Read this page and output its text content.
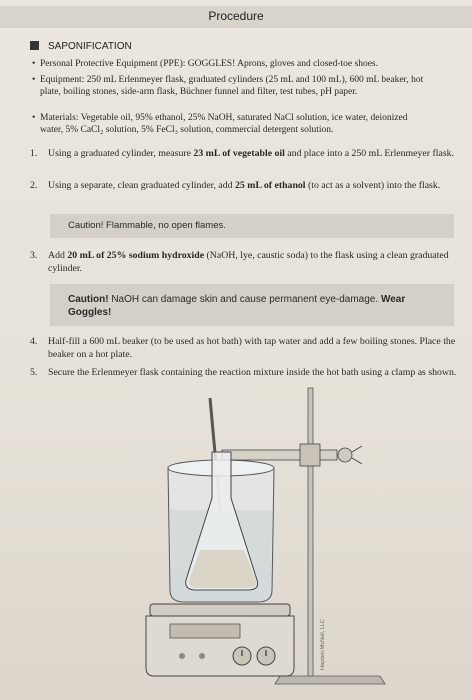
Procedure
SAPONIFICATION
• Personal Protective Equipment (PPE): GOGGLES! Aprons, gloves and closed-toe shoes.
• Equipment: 250 mL Erlenmeyer flask, graduated cylinders (25 mL and 100 mL), 600 mL beaker, hot plate, boiling stones, side-arm flask, Büchner funnel and filter, test tubes, pH paper.
• Materials: Vegetable oil, 95% ethanol, 25% NaOH, saturated NaCl solution, ice water, deionized water, 5% CaCl₂ solution, 5% FeCl₃ solution, commercial detergent solution.
1. Using a graduated cylinder, measure 23 mL of vegetable oil and place into a 250 mL Erlenmeyer flask.
2. Using a separate, clean graduated cylinder, add 25 mL of ethanol (to act as a solvent) into the flask.
Caution! Flammable, no open flames.
3. Add 20 mL of 25% sodium hydroxide (NaOH, lye, caustic soda) to the flask using a clean graduated cylinder.
Caution! NaOH can damage skin and cause permanent eye-damage. Wear Goggles!
4. Half-fill a 600 mL beaker (to be used as hot bath) with tap water and add a few boiling stones. Place the beaker on a hot plate.
5. Secure the Erlenmeyer flask containing the reaction mixture inside the hot bath using a clamp as shown.
Hayden-McNeil, LLC
